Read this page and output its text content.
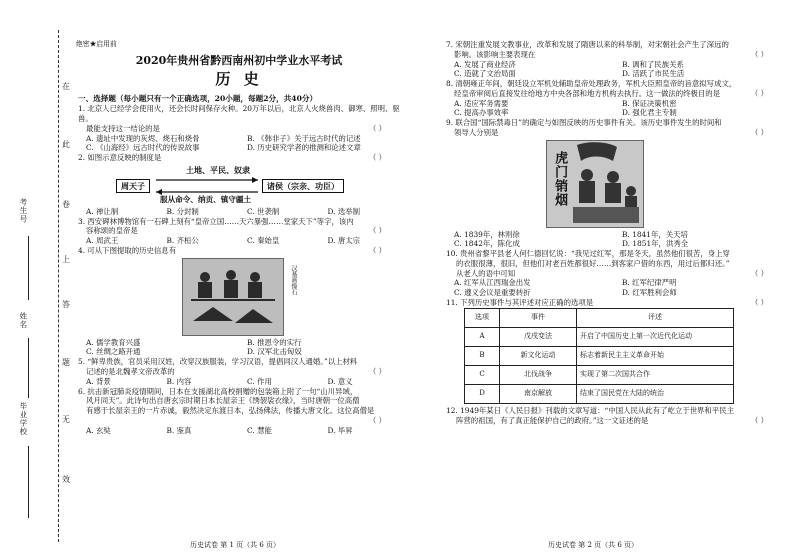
在
此
卷
上
答
题
无
效
考生号
姓名
毕业学校
绝密★启用前
2020年贵州省黔西南州初中学业水平考试
历 史
一、选择题（每小题只有一个正确选项，20小题，每题2分，共40分）
1. 北京人已经学会使用火，还会长时间保存火种。20万年以后，北京人火烧兽肉、御寒、照明、驱兽。
最能支持这一结论的是	（ ）
A. 遗址中发现的灰烬、烧石和烧骨	B. 《韩非子》关于远古时代的记述
C. 《山海经》远古时代的传说故事	D. 历史研究学者的推测和论述文章
2. 如图示意反映的制度是	（ ）
土地、平民、奴隶
周天子	诸侯（宗亲、功臣）
服从命令、纳贡、镇守疆土
A. 禅让制	B. 分封制	C. 世袭制	D. 选举制
3. 西安碑林博物馆有一石碑上刻有“皇帝立国……天六暴强……堂家天下”等字，该内
容称颂的皇帝是	（ ）
A. 周武王	B. 齐桓公	C. 秦始皇	D. 唐太宗
4. 可从下图提取的历史信息有	（ ）
汉墓画像石
A. 儒学教育兴盛	B. 推恩令的实行
C. 丝绸之路开通	D. 汉军北击匈奴
5. “鲜卑贵族，官员采用汉姓，改穿汉族服装，学习汉语，提倡同汉人通婚。”以上材料
记述的是北魏孝文帝改革的	（ ）
A. 背景	B. 内容	C. 作用	D. 意义
6. 抗击新冠肺炎疫情期间，日本在支援湖北高校捐赠的包装箱上附了一句“山川异域，
风月同天”。此诗句出自唐玄宗时期日本长屋亲王《绣袈裟衣缘》，当时唐朝一位高僧
有感于长屋亲王的一片赤诚，毅然决定东渡日本，弘扬佛法，传播大唐文化。这位高僧是
（ ）
A. 玄奘	B. 鉴真	C. 慧能	D. 毕昇
历史试卷 第 1 页（共 6 页）
7. 宋朝注重发展文教事业，改革和发展了隋唐以来的科举制，对宋朝社会产生了深远的
影响。该影响主要表现在	（ ）
A. 发展了商业经济	B. 调和了民族关系
C. 造就了文治局面	D. 活跃了市民生活
8. 清朝雍正年间，朝廷设立军机处辅助皇帝处理政务，军机大臣照皇帝的旨意拟写成文，
经皇帝审阅后直接发往给地方中央各部和地方机构去执行。这一做法的终极目的是	（ ）
A. 适应军务需要	B. 保证决策机密
C. 提高办事效率	D. 强化君主专制
9. 联合国“国际禁毒日”的确定与如图反映的历史事件有关。该历史事件发生的时间和
领导人分别是	（ ）
虎门销烟
A. 1839年，林则徐	B. 1841年，关天培
C. 1842年，陈化成	D. 1851年，洪秀全
10. 贵州省黎平县老人何仁德回忆说：“我见过红军，那是冬天，虽然他们很苦，身上穿
的衣服很薄，很旧，但他们对老百姓都很好……到客家户借的东西，用过后都归还。”
从老人的语中可知	（ ）
A. 红军从江西瑞金出发	B. 红军纪律严明
C. 遵义会议是重要转折	D. 红军胜利会师
11. 下列历史事件与其评述对应正确的选项是	（ ）
选项	事件	评述
A	戊戌变法	开启了中国历史上第一次近代化运动
B	新文化运动	标志着新民主主义革命开始
C	北伐战争	实现了第二次国共合作
D	南京解放	结束了国民党在大陆的统治
12. 1949年某日《人民日报》刊载的文章写道：“中国人民从此有了屹立于世界和平民主
阵营的祖国，有了真正能保护自己的政府。”这一文证述的是	（ ）
历史试卷 第 2 页（共 6 页）
